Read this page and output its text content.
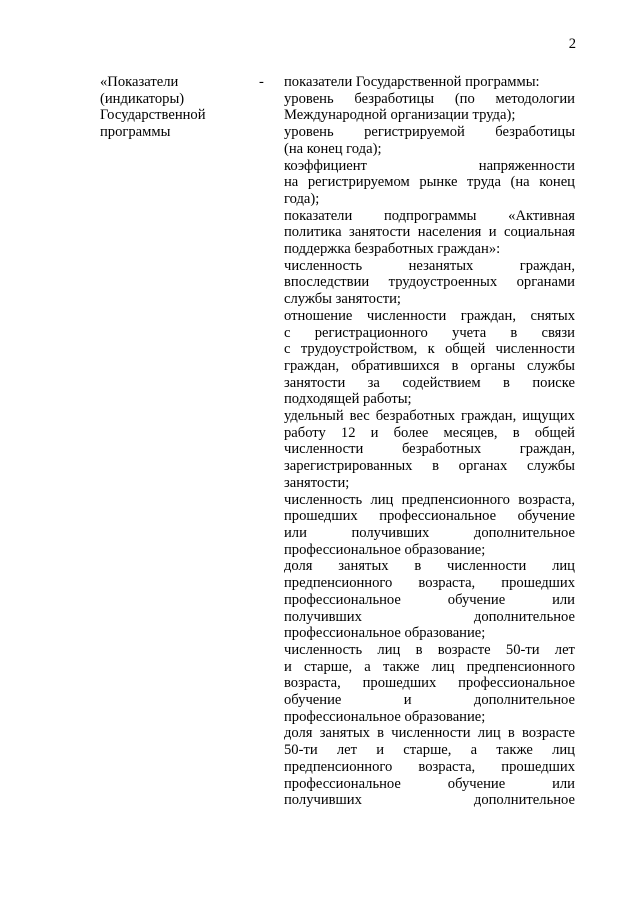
2
«Показатели
(индикаторы)
Государственной
программы
-	показатели Государственной программы:
уровень безработицы (по методологии
Международной организации труда);
уровень регистрируемой безработицы
(на конец года);
коэффициент	напряженности
на регистрируемом рынке труда (на конец
года);
показатели подпрограммы «Активная
политика занятости населения и социальная
поддержка безработных граждан»:
численность	незанятых	граждан,
впоследствии трудоустроенных органами
службы занятости;
отношение численности граждан, снятых
с регистрационного учета в связи
с трудоустройством, к общей численности
граждан, обратившихся в органы службы
занятости за содействием в поиске
подходящей работы;
удельный вес безработных граждан, ищущих
работу 12 и более месяцев, в общей
численности	безработных	граждан,
зарегистрированных в органах службы
занятости;
численность лиц предпенсионного возраста,
прошедших профессиональное обучение
или	получивших	дополнительное
профессиональное образование;
доля занятых в численности лиц
предпенсионного возраста, прошедших
профессиональное	обучение	или
получивших	дополнительное
профессиональное образование;
численность лиц в возрасте 50-ти лет
и старше, а также лиц предпенсионного
возраста, прошедших профессиональное
обучение	и	дополнительное
профессиональное образование;
доля занятых в численности лиц в возрасте
50-ти лет и старше, а также лиц
предпенсионного возраста, прошедших
профессиональное	обучение	или
получивших	дополнительное
